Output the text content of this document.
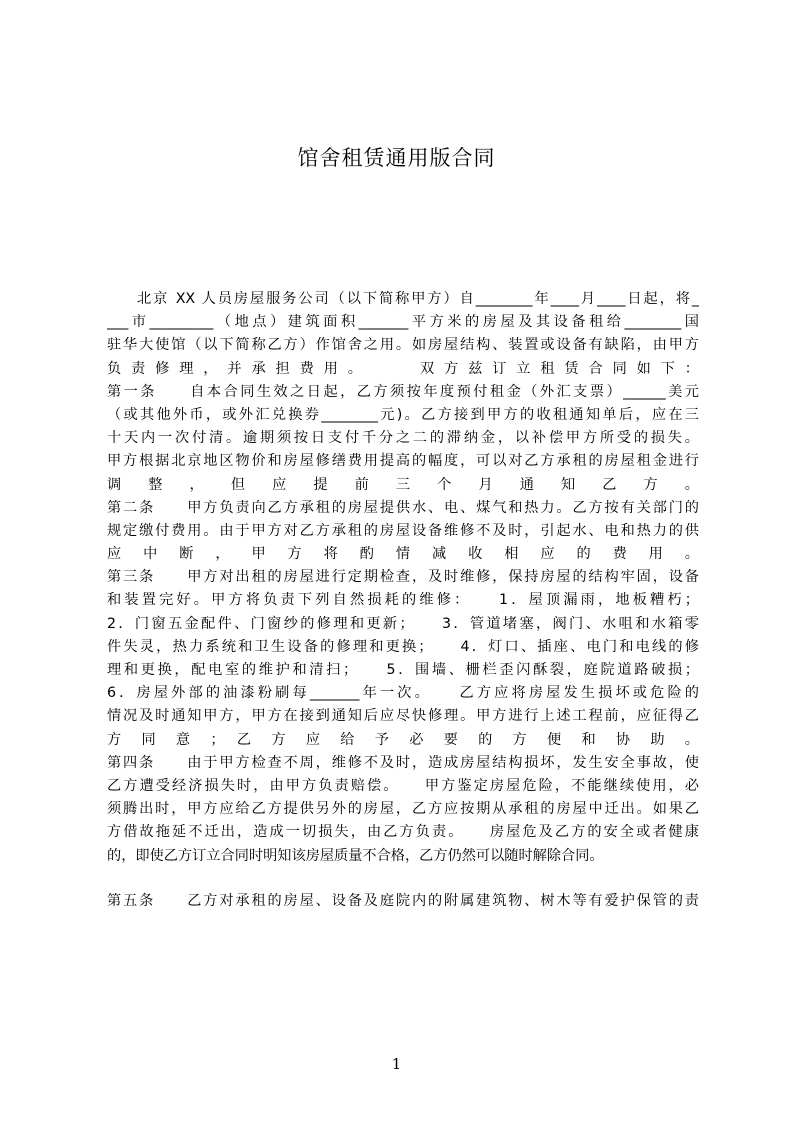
馆舍租赁通用版合同
北京 XX 人员房屋服务公司（以下简称甲方）自________年____月____日起，将_
___市_________（地点）建筑面积_______平方米的房屋及其设备租给________国
驻华大使馆（以下简称乙方）作馆舍之用。如房屋结构、装置或设备有缺陷，由甲方
负 责 修 理 ， 并 承 担 费 用 。 　 　 双 方 兹 订 立 租 赁 合 同 如 下 ：
第一条　　自本合同生效之日起，乙方须按年度预付租金（外汇支票）______美元
（或其他外币，或外汇兑换券________元)。乙方接到甲方的收租通知单后，应在三
十天内一次付清。逾期须按日支付千分之二的滞纳金，以补偿甲方所受的损失。
甲方根据北京地区物价和房屋修缮费用提高的幅度，可以对乙方承租的房屋租金进行
调 整 ， 但 应 提 前 三 个 月 通 知 乙 方 。
第二条　　甲方负责向乙方承租的房屋提供水、电、煤气和热力。乙方按有关部门的
规定缴付费用。由于甲方对乙方承租的房屋设备维修不及时，引起水、电和热力的供
应 中 断 ， 甲 方 将 酌 情 减 收 相 应 的 费 用 。
第三条　　甲方对出租的房屋进行定期检查，及时维修，保持房屋的结构牢固，设备
和装置完好。甲方将负责下列自然损耗的维修：　　1．屋顶漏雨，地板糟朽；
2．门窗五金配件、门窗纱的修理和更新；　　3．管道堵塞，阀门、水咀和水箱零
件失灵，热力系统和卫生设备的修理和更换；　　4．灯口、插座、电门和电线的修
理和更换，配电室的维护和清扫；　　5．围墙、栅栏歪闪酥裂，庭院道路破损；
6．房屋外部的油漆粉刷每_______年一次。　　乙方应将房屋发生损坏或危险的
情况及时通知甲方，甲方在接到通知后应尽快修理。甲方进行上述工程前，应征得乙
方 同 意 ； 乙 方 应 给 予 必 要 的 方 便 和 协 助 。
第四条　　由于甲方检查不周，维修不及时，造成房屋结构损坏，发生安全事故，使
乙方遭受经济损失时，由甲方负责赔偿。　　甲方鉴定房屋危险，不能继续使用，必
须腾出时，甲方应给乙方提供另外的房屋，乙方应按期从承租的房屋中迁出。如果乙
方借故拖延不迁出，造成一切损失，由乙方负责。　　房屋危及乙方的安全或者健康
的，即使乙方订立合同时明知该房屋质量不合格，乙方仍然可以随时解除合同。
第五条　　乙方对承租的房屋、设备及庭院内的附属建筑物、树木等有爱护保管的责
1
